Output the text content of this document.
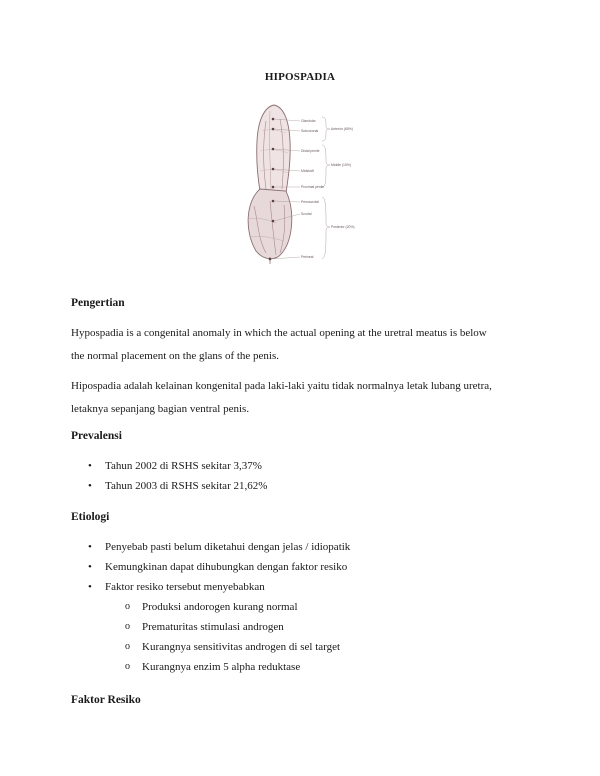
HIPOSPADIA
Glandular
Subcoronal
Distal penile
Midshaft
Proximal penile
Penoscrotal
Scrotal
Perineal
Anterior (65%)
Middle (15%)
Posterior (20%)
Pengertian

Hypospadia is a congenital anomaly in which the actual opening at the uretral meatus is below
the normal placement on the glans of the penis.

Hipospadia adalah kelainan kongenital pada laki-laki yaitu tidak normalnya letak lubang uretra,
letaknya sepanjang bagian ventral penis.

Prevalensi
• Tahun 2002 di RSHS sekitar 3,37%
• Tahun 2003 di RSHS sekitar 21,62%
Etiologi
• Penyebab pasti belum diketahui dengan jelas / idiopatik
• Kemungkinan dapat dihubungkan dengan faktor resiko
• Faktor resiko tersebut menyebabkan
o Produksi andorogen kurang normal
o Prematuritas stimulasi androgen
o Kurangnya sensitivitas androgen di sel target
o Kurangnya enzim 5 alpha reduktase
Faktor Resiko
